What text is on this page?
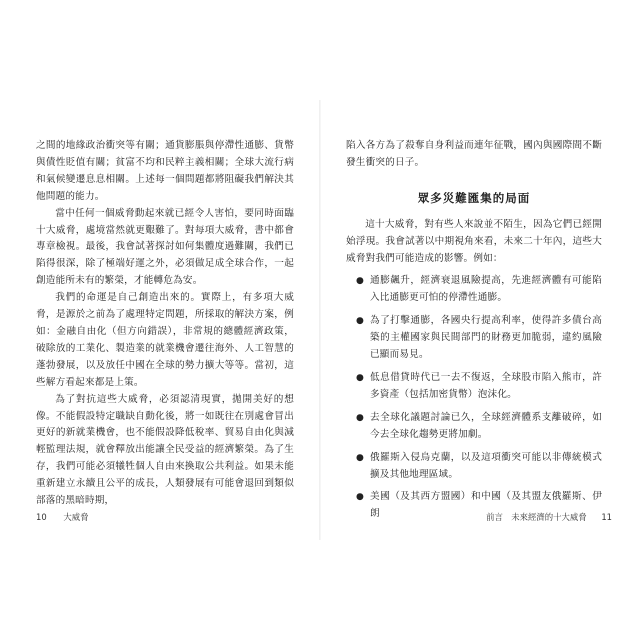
之間的地緣政治衝突等有關；通貨膨脹與停滯性通膨、貨幣與債性貶值有關；貧富不均和民粹主義相關；全球大流行病和氣候變遷息息相關。上述每一個問題都將阻礙我們解決其他問題的能力。

當中任何一個威脅動起來就已經令人害怕，要同時面臨十大威脅，處境當然就更艱難了。對每項大威脅，書中都會專章檢視。最後，我會試著探討如何集體度過難關，我們已陷得很深，除了極端好運之外，必須做足成全球合作，一起創造能所未有的繁榮，才能轉危為安。

我們的命運是自己創造出來的。實際上，有多項大威脅，是源於之前為了處理特定問題，所採取的解決方案，例如：金融自由化（但方向錯誤），非常規的總體經濟政策，破除放的工業化、製造業的就業機會遷往海外、人工智慧的蓬勃發展，以及放任中國在全球的勢力擴大等等。當初，這些解方看起來都是上策。

為了對抗這些大威脅，必須認清現實，拋開美好的想像。不能假設特定職缺自動化後，將一如既往在別處會冒出更好的新就業機會，也不能假設降低稅率、貿易自由化與減輕監理法規，就會釋放出能讓全民受益的經濟繁榮。為了生存，我們可能必須犧牲個人自由來換取公共利益。如果未能重新建立永續且公平的成長，人類發展有可能會退回到類似部落的黑暗時期，

10 大威脅

陷入各方為了殺奪自身利益而連年征戰，國內與國際間不斷發生衝突的日子。

眾多災難匯集的局面

這十大威脅，對有些人來說並不陌生，因為它們已經開始浮現。我會試著以中期視角來看，未來二十年內，這些大威脅對我們可能造成的影響。例如：

● 通膨飆升，經濟衰退風險提高，先進經濟體有可能陷入比通膨更可怕的停滯性通膨。
● 為了打擊通膨，各國央行提高利率，使得許多債台高築的主權國家與民間部門的財務更加脆弱，違約風險已顯而易見。
● 低息借貸時代已一去不復返，全球股市陷入熊市，許多資產（包括加密貨幣）泡沫化。
● 去全球化議題討論已久，全球經濟體系支離破碎，如今去全球化趨勢更將加劇。
● 俄羅斯入侵烏克蘭，以及這項衝突可能以非傳統模式擴及其他地理區域。
● 美國（及其西方盟國）和中國（及其盟友俄羅斯、伊朗	前言　未來經濟的十大威脅 11
